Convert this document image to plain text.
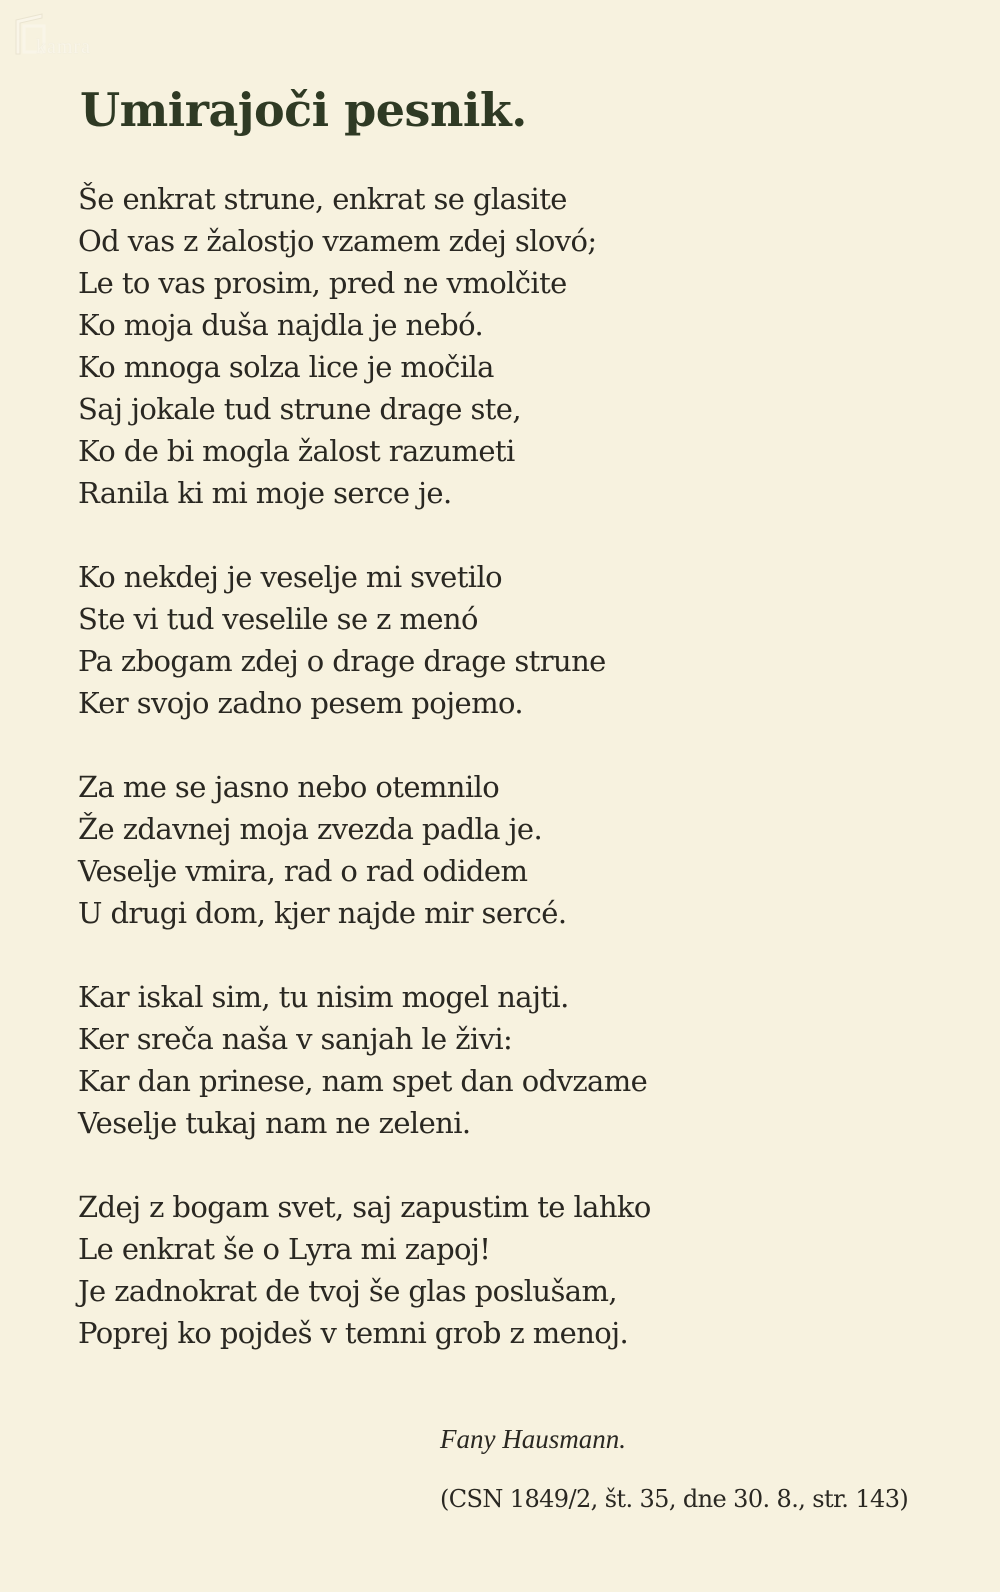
kamra
Umirajoči pesnik.
Še enkrat strune, enkrat se glasite
Od vas z žalostjo vzamem zdej slovó;
Le to vas prosim, pred ne vmolčite
Ko moja duša najdla je nebó.
Ko mnoga solza lice je močila
Saj jokale tud strune drage ste,
Ko de bi mogla žalost razumeti
Ranila ki mi moje serce je.
Ko nekdej je veselje mi svetilo
Ste vi tud veselile se z menó
Pa zbogam zdej o drage drage strune
Ker svojo zadno pesem pojemo.
Za me se jasno nebo otemnilo
Že zdavnej moja zvezda padla je.
Veselje vmira, rad o rad odidem
U drugi dom, kjer najde mir sercé.
Kar iskal sim, tu nisim mogel najti.
Ker sreča naša v sanjah le živi:
Kar dan prinese, nam spet dan odvzame
Veselje tukaj nam ne zeleni.
Zdej z bogam svet, saj zapustim te lahko
Le enkrat še o Lyra mi zapoj!
Je zadnokrat de tvoj še glas poslušam,
Poprej ko pojdeš v temni grob z menoj.
Fany Hausmann.
(CSN 1849/2, št. 35, dne 30. 8., str. 143)
